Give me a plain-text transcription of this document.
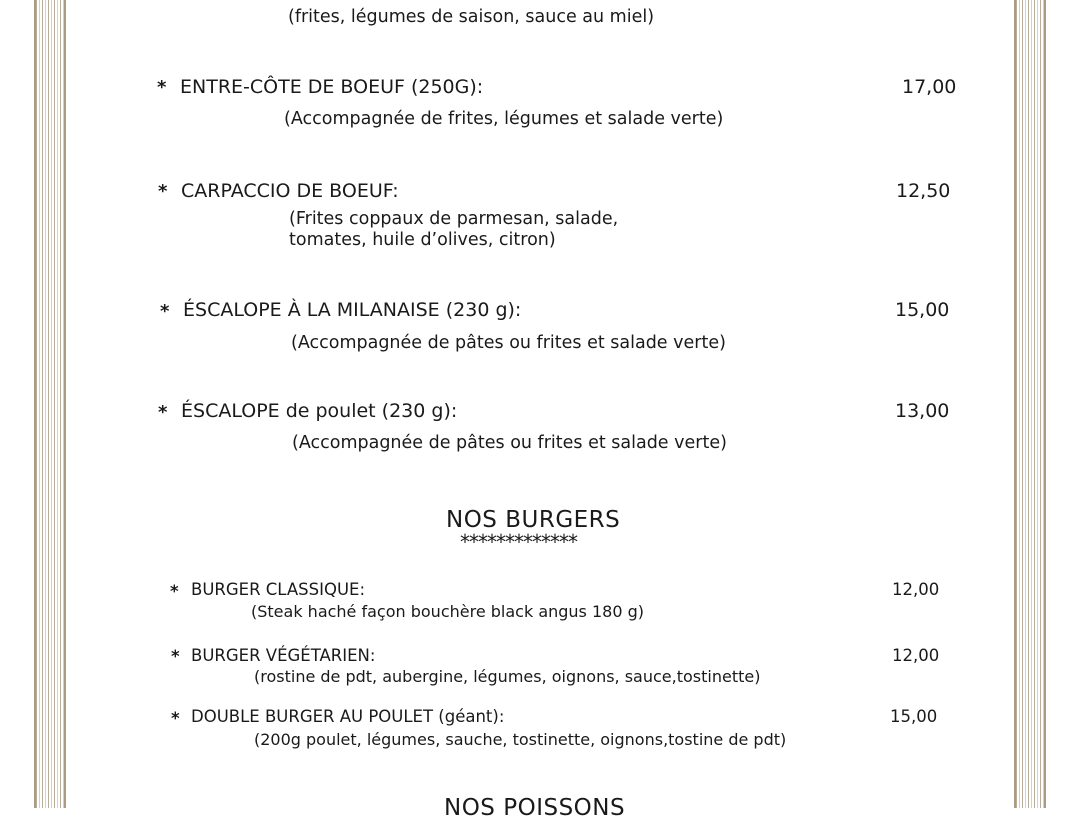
(frites, légumes de saison, sauce au miel)
* ENTRE-CÔTE DE BOEUF (250G):	17,00
(Accompagnée de frites, légumes et salade verte)
* CARPACCIO DE BOEUF:	12,50
(Frites coppaux de parmesan, salade,
tomates, huile d’olives, citron)
* ÉSCALOPE À LA MILANAISE (230 g):	15,00
(Accompagnée de pâtes ou frites et salade verte)
* ÉSCALOPE de poulet (230 g):	13,00
(Accompagnée de pâtes ou frites et salade verte)
NOS BURGERS
*************
* BURGER CLASSIQUE:	12,00
(Steak haché façon bouchère black angus 180 g)
* BURGER VÉGÉTARIEN:	12,00
(rostine de pdt, aubergine, légumes, oignons, sauce,tostinette)
* DOUBLE BURGER AU POULET (géant):	15,00
(200g poulet, légumes, sauche, tostinette, oignons,tostine de pdt)
NOS POISSONS
